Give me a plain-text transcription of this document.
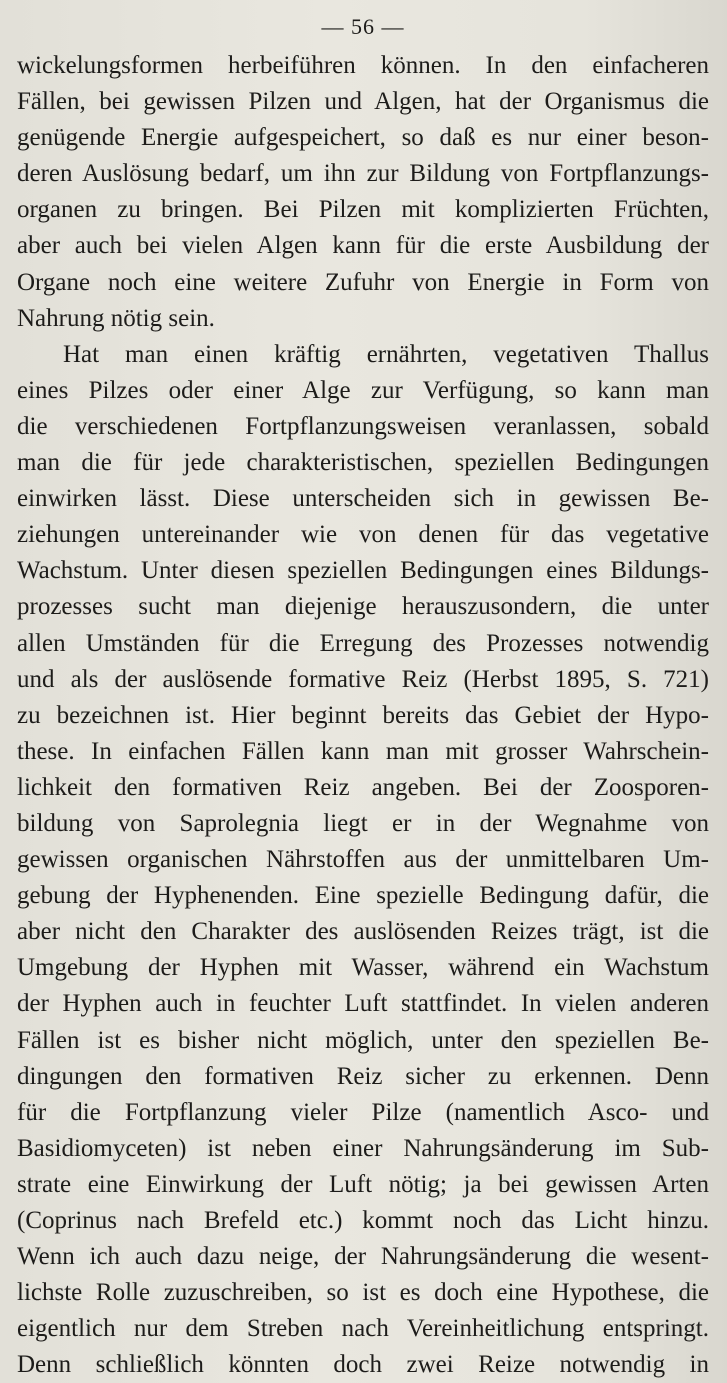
— 56 —
wickelungsformen herbeiführen können. In den einfacheren
Fällen, bei gewissen Pilzen und Algen, hat der Organismus die
genügende Energie aufgespeichert, so daß es nur einer beson-
deren Auslösung bedarf, um ihn zur Bildung von Fortpflanzungs-
organen zu bringen. Bei Pilzen mit komplizierten Früchten,
aber auch bei vielen Algen kann für die erste Ausbildung der
Organe noch eine weitere Zufuhr von Energie in Form von
Nahrung nötig sein.
Hat man einen kräftig ernährten, vegetativen Thallus
eines Pilzes oder einer Alge zur Verfügung, so kann man
die verschiedenen Fortpflanzungsweisen veranlassen, sobald
man die für jede charakteristischen, speziellen Bedingungen
einwirken lässt. Diese unterscheiden sich in gewissen Be-
ziehungen untereinander wie von denen für das vegetative
Wachstum. Unter diesen speziellen Bedingungen eines Bildungs-
prozesses sucht man diejenige herauszusondern, die unter
allen Umständen für die Erregung des Prozesses notwendig
und als der auslösende formative Reiz (Herbst 1895, S. 721)
zu bezeichnen ist. Hier beginnt bereits das Gebiet der Hypo-
these. In einfachen Fällen kann man mit grosser Wahrschein-
lichkeit den formativen Reiz angeben. Bei der Zoosporen-
bildung von Saprolegnia liegt er in der Wegnahme von
gewissen organischen Nährstoffen aus der unmittelbaren Um-
gebung der Hyphenenden. Eine spezielle Bedingung dafür, die
aber nicht den Charakter des auslösenden Reizes trägt, ist die
Umgebung der Hyphen mit Wasser, während ein Wachstum
der Hyphen auch in feuchter Luft stattfindet. In vielen anderen
Fällen ist es bisher nicht möglich, unter den speziellen Be-
dingungen den formativen Reiz sicher zu erkennen. Denn
für die Fortpflanzung vieler Pilze (namentlich Asco- und
Basidiomyceten) ist neben einer Nahrungsänderung im Sub-
strate eine Einwirkung der Luft nötig; ja bei gewissen Arten
(Coprinus nach Brefeld etc.) kommt noch das Licht hinzu.
Wenn ich auch dazu neige, der Nahrungsänderung die wesent-
lichste Rolle zuzuschreiben, so ist es doch eine Hypothese, die
eigentlich nur dem Streben nach Vereinheitlichung entspringt.
Denn schließlich könnten doch zwei Reize notwendig in
